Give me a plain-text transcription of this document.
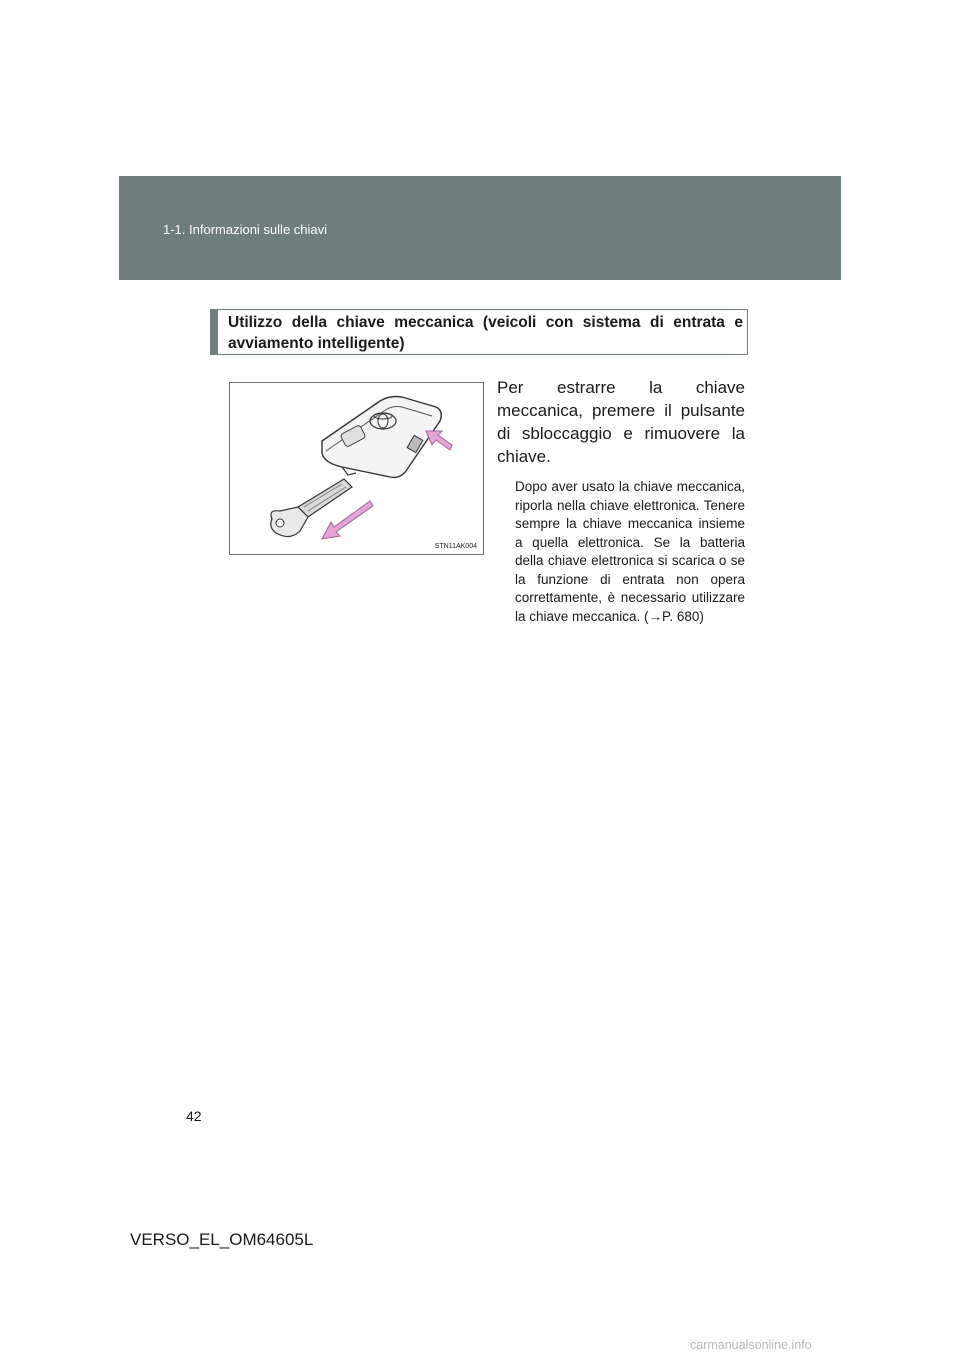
1-1. Informazioni sulle chiavi
Utilizzo della chiave meccanica (veicoli con sistema di entrata e avviamento intelligente)
STN11AK004
Per estrarre la chiave meccanica, premere il pulsante di sbloccaggio e rimuovere la chiave.
Dopo aver usato la chiave meccanica, riporla nella chiave elettronica. Tenere sempre la chiave meccanica insieme a quella elettronica. Se la batteria della chiave elettronica si scarica o se la funzione di entrata non opera correttamente, è necessario utilizzare la chiave meccanica. (→P. 680)
42
VERSO_EL_OM64605L
carmanualsonline.info
